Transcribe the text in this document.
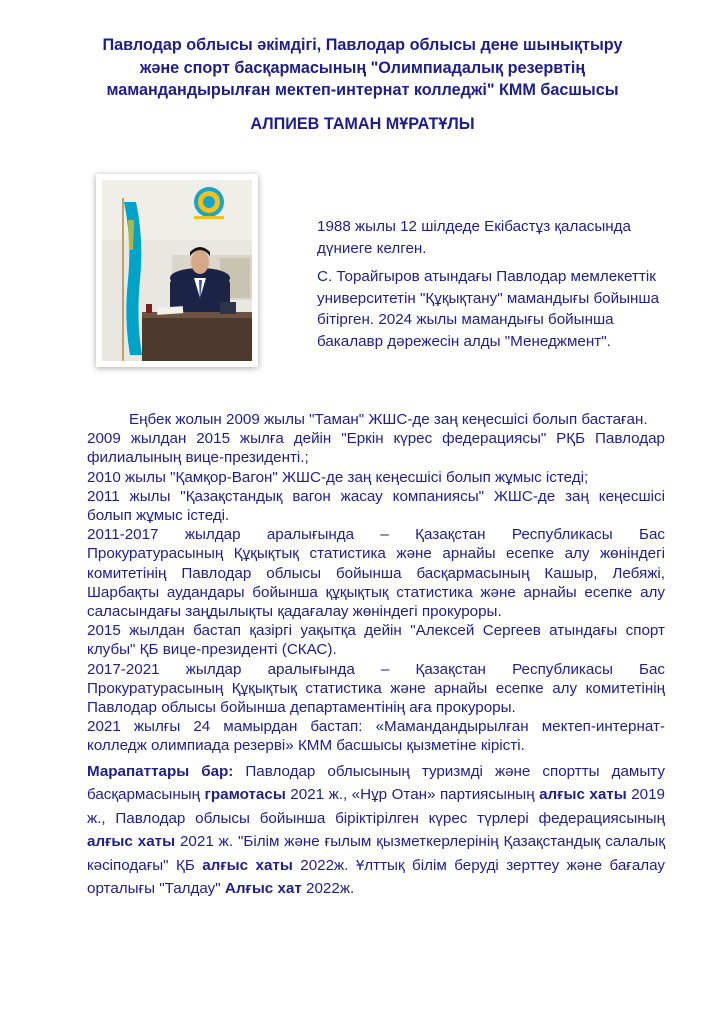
Павлодар облысы әкімдігі, Павлодар облысы дене шынықтыру
және спорт басқармасының "Олимпиадалық резервтің
мамандандырылған мектеп-интернат колледжі" КММ басшысы
АЛПИЕВ ТАМАН МҰРАТҰЛЫ

1988 жылы 12 шілдеде Екібастұз қаласында дүниеге келген.

С. Торайгыров атындағы Павлодар мемлекеттік университетін "Құқықтану" мамандығы бойынша бітірген. 2024 жылы мамандығы бойынша бакалавр дәрежесін алды "Менеджмент".

Еңбек жолын 2009 жылы "Таман" ЖШС-де заң кеңесшісі болып бастаған.

2009 жылдан 2015 жылға дейін "Еркін күрес федерациясы" РҚБ Павлодар филиалының вице-президенті.;

2010 жылы "Қамқор-Вагон" ЖШС-де заң кеңесшісі болып жұмыс істеді;

2011 жылы "Қазақстандық вагон жасау компаниясы" ЖШС-де заң кеңесшісі болып жұмыс істеді.

2011-2017 жылдар аралығында – Қазақстан Республикасы Бас Прокуратурасының Құқықтық статистика және арнайы есепке алу жөніндегі комитетінің Павлодар облысы бойынша басқармасының Кашыр, Лебяжі, Шарбақты аудандары бойынша құқықтық статистика және арнайы есепке алу саласындағы заңдылықты қадағалау жөніндегі прокуроры.

2015 жылдан бастап қазіргі уақытқа дейін "Алексей Сергеев атындағы спорт клубы" ҚБ вице-президенті (СКАС).

2017-2021 жылдар аралығында – Қазақстан Республикасы Бас Прокуратурасының Құқықтық статистика және арнайы есепке алу комитетінің Павлодар облысы бойынша департаментінің аға прокуроры.

2021 жылғы 24 мамырдан бастап: «Мамандандырылған мектеп-интернат-колледж олимпиада резерві» КММ басшысы қызметіне кірісті.

Марапаттары бар: Павлодар облысының туризмді және спортты дамыту басқармасының грамотасы 2021 ж., «Нұр Отан» партиясының алғыс хаты 2019 ж., Павлодар облысы бойынша біріктірілген күрес түрлері федерациясының алғыс хаты 2021 ж. "Білім және ғылым қызметкерлерінің Қазақстандық салалық кәсіподағы" ҚБ алғыс хаты 2022ж. Ұлттық білім беруді зерттеу және бағалау орталығы "Талдау" Алғыс хат 2022ж.
